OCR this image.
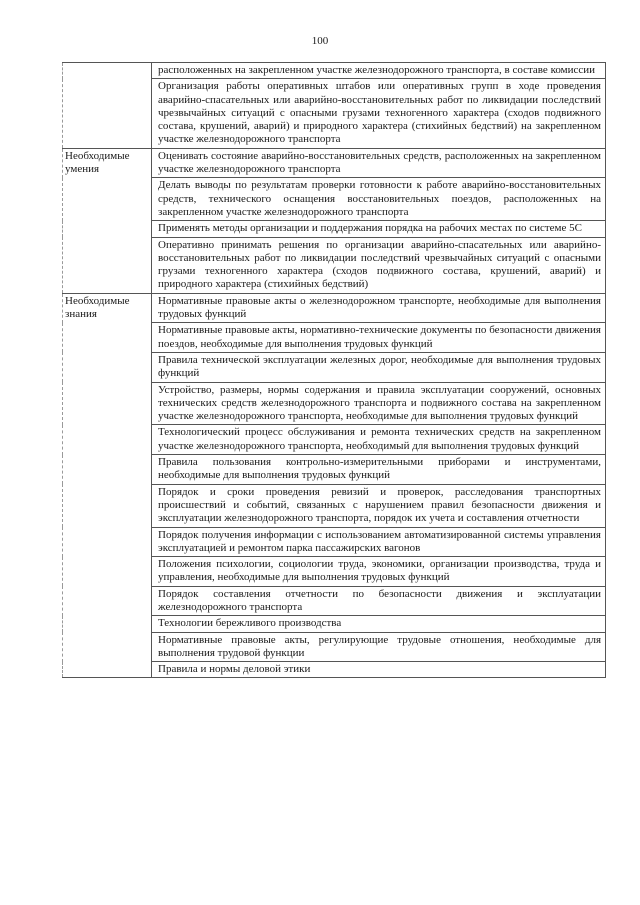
100
	расположенных на закрепленном участке железнодорожного транспорта, в составе комиссии
	Организация работы оперативных штабов или оперативных групп в ходе проведения аварийно-спасательных или аварийно-восстановительных работ по ликвидации последствий чрезвычайных ситуаций с опасными грузами техногенного характера (сходов подвижного состава, крушений, аварий) и природного характера (стихийных бедствий) на закрепленном участке железнодорожного транспорта
Необходимые умения	Оценивать состояние аварийно-восстановительных средств, расположенных на закрепленном участке железнодорожного транспорта
	Делать выводы по результатам проверки готовности к работе аварийно-восстановительных средств, технического оснащения восстановительных поездов, расположенных на закрепленном участке железнодорожного транспорта
	Применять методы организации и поддержания порядка на рабочих местах по системе 5С
	Оперативно принимать решения по организации аварийно-спасательных или аварийно-восстановительных работ по ликвидации последствий чрезвычайных ситуаций с опасными грузами техногенного характера (сходов подвижного состава, крушений, аварий) и природного характера (стихийных бедствий)
Необходимые знания	Нормативные правовые акты о железнодорожном транспорте, необходимые для выполнения трудовых функций
	Нормативные правовые акты, нормативно-технические документы по безопасности движения поездов, необходимые для выполнения трудовых функций
	Правила технической эксплуатации железных дорог, необходимые для выполнения трудовых функций
	Устройство, размеры, нормы содержания и правила эксплуатации сооружений, основных технических средств железнодорожного транспорта и подвижного состава на закрепленном участке железнодорожного транспорта, необходимые для выполнения трудовых функций
	Технологический процесс обслуживания и ремонта технических средств на закрепленном участке железнодорожного транспорта, необходимый для выполнения трудовых функций
	Правила пользования контрольно-измерительными приборами и инструментами, необходимые для выполнения трудовых функций
	Порядок и сроки проведения ревизий и проверок, расследования транспортных происшествий и событий, связанных с нарушением правил безопасности движения и эксплуатации железнодорожного транспорта, порядок их учета и составления отчетности
	Порядок получения информации с использованием автоматизированной системы управления эксплуатацией и ремонтом парка пассажирских вагонов
	Положения психологии, социологии труда, экономики, организации производства, труда и управления, необходимые для выполнения трудовых функций
	Порядок составления отчетности по безопасности движения и эксплуатации железнодорожного транспорта
	Технологии бережливого производства
	Нормативные правовые акты, регулирующие трудовые отношения, необходимые для выполнения трудовой функции
	Правила и нормы деловой этики
